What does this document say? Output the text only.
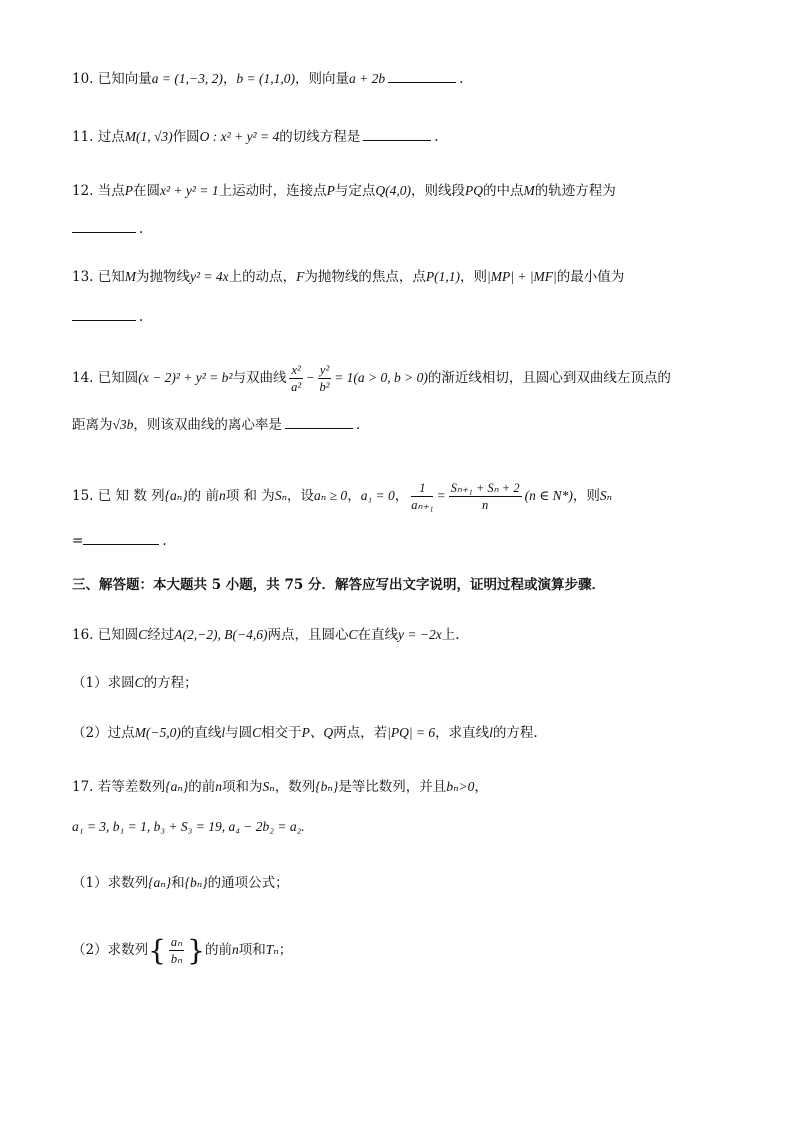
10. 已知向量a = (1,−3, 2)，b = (1,1,0)，则向量a + 2b	.
11. 过点M(1, √3)作圆O : x² + y² = 4的切线方程是	.
12. 当点P在圆x² + y² = 1上运动时，连接点P与定点Q(4,0)，则线段PQ的中点M的轨迹方程为
.
13. 已知M为抛物线y² = 4x上的动点，F为抛物线的焦点，点P(1,1)，则|MP| + |MF|的最小值为
.
14. 已知圆(x − 2)² + y² = b²与双曲线 $\frac{\text{x²}}{\text{a²}} - \frac{\text{y²}}{\text{b²}} = 1(a > 0$, b > 0)的渐近线相切，且圆心到双曲线左顶点的
距离为√3b，则该双曲线的离心率是	.
15. 已 知 数 列{aₙ}的 前n项 和 为Sₙ，设aₙ ≥ 0，a₁ = 0， $\frac{1}{\text{aₙ₊₁}} = \frac{\text{Sₙ₊₁ + Sₙ + 2}}{n} (n$ ∈ N*)，则Sₙ
=	.
三、解答题：本大题共 5 小题，共 75 分．解答应写出文字说明，证明过程或演算步骤．
16. 已知圆C经过A(2,−2), B(−4,6)两点，且圆心C在直线y = −2x上.
（1）求圆C的方程；
（2）过点M(−5,0)的直线l与圆C相交于P、Q两点，若|PQ| = 6，求直线l的方程.
17. 若等差数列{aₙ}的前n项和为Sₙ，数列{bₙ}是等比数列，并且bₙ>0，
a₁ = 3, b₁ = 1, b₃ + S₃ = 19, a₄ − 2b₂ = a₂.
（1）求数列{aₙ}和{bₙ}的通项公式；
（2）求数列{ $\frac{\text{aₙ}}{\text{bₙ}}$ }的前n项和Tₙ；
